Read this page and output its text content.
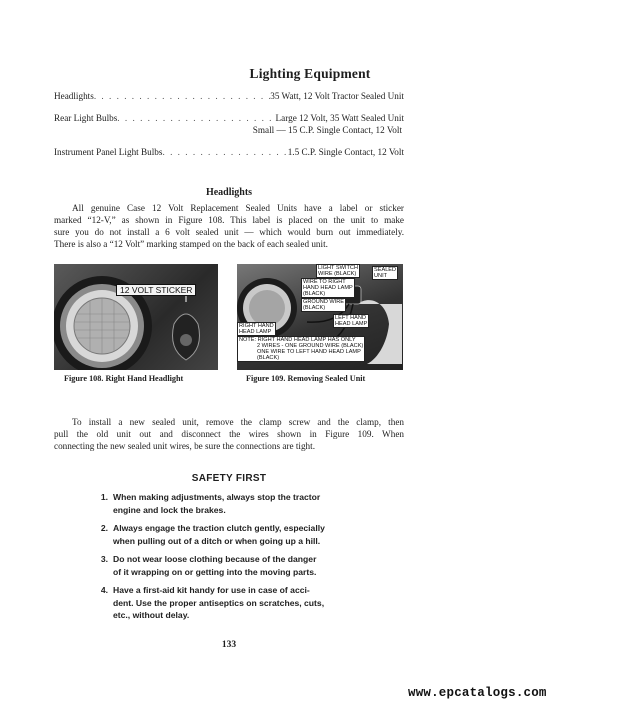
Lighting Equipment
Headlights . . .	35 Watt, 12 Volt Tractor Sealed Unit
Rear Light Bulbs . . .	Large 12 Volt, 35 Watt Sealed Unit
Small –– 15 C.P. Single Contact, 12 Volt
Instrument Panel Light Bulbs . . .	1.5 C.P. Single Contact, 12 Volt
Headlights
All genuine Case 12 Volt Replacement Sealed Units have a label or sticker
marked “12-V,” as shown in Figure 108. This label is placed on the unit to make
sure you do not install a 6 volt sealed unit — which would burn out immediately.
There is also a “12 Volt” marking stamped on the back of each sealed unit.
12 VOLT STICKER
Figure 108. Right Hand Headlight
LIGHT SWITCH
WIRE (BLACK)
SEALED
UNIT
WIRE TO RIGHT
HAND HEAD LAMP
(BLACK)
GROUND WIRE
(BLACK)
LEFT HAND
HEAD LAMP
RIGHT HAND
HEAD LAMP
NOTE: RIGHT HAND HEAD LAMP HAS ONLY
2 WIRES - ONE GROUND WIRE (BLACK)
ONE WIRE TO LEFT HAND HEAD LAMP
(BLACK)
Figure 109. Removing Sealed Unit
To install a new sealed unit, remove the clamp screw and the clamp, then
pull the old unit out and disconnect the wires shown in Figure 109. When
connecting the new sealed unit wires, be sure the connections are tight.
SAFETY FIRST
1. When making adjustments, always stop the tractor
engine and lock the brakes.
2. Always engage the traction clutch gently, especially
when pulling out of a ditch or when going up a hill.
3. Do not wear loose clothing because of the danger
of it wrapping on or getting into the moving parts.
4. Have a first-aid kit handy for use in case of acci-
dent. Use the proper antiseptics on scratches, cuts,
etc., without delay.
133
www.epcatalogs.com
